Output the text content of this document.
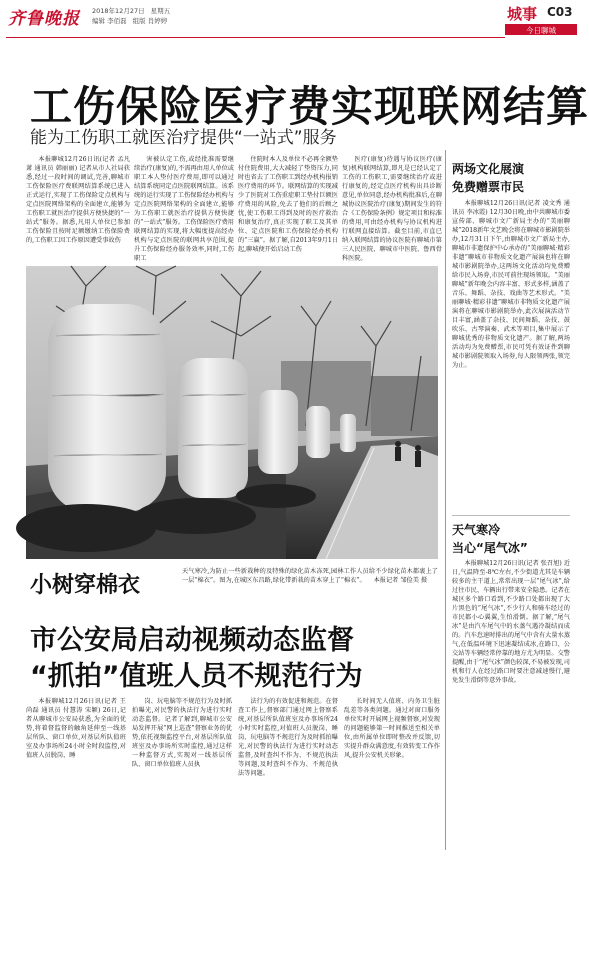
齐鲁晚报 2018年12月27日 星期五
编辑 李佰磊 组版 肖婷婷	城事 C03
今日聊城
工伤保险医疗费实现联网结算
能为工伤职工就医治疗提供“一站式”服务

本报聊城12月26日讯(记者 孟凡萧 通讯员 韩丽丽) 记者从市人社局获悉,经过一段时间的调试,完善,聊城市工伤保险医疗费联网结算系统已进入正式运行,实现了工伤保险定点机构与定点医院网络架构的全面建立,能够为工伤职工就医治疗提供方便快捷的“一站式”服务。据悉,凡用人单位已参加工伤保险且按时足额缴纳工伤保险费的,工伤职工因工作原因遭受事故伤

害被认定工伤,或经批准需要继续治疗(康复)的,不需再由用人单位或职工本人垫付医疗费用,即可以通过结算系统同定点医院联网结算。该系统的运行实现了工伤保险经办机构与定点医院网络架构的全面建立,能够为工伤职工就医治疗提供方便快捷的“一站式”服务。工伤保险医疗费用联网结算的实现,将大幅度提高经办机构与定点医院的联网共享范围,提升工伤保险经办服务效率,同时,工伤职工

住院时本人及单位不必再全额垫付住院费用,大大减轻了垫资压力,同时也省去了工伤职工到经办机构报销医疗费用的环节。联网结算的实现减少了医院对工伤重症职工垫付巨额医疗费用的风险,免去了他们的后顾之忧,使工伤职工得到及时的医疗救治和康复治疗,真正实现了职工及其单位、定点医院和工伤保险经办机构的“三赢”。据了解,自2013年9月1日起,聊城便开始启动工伤

医疗(康复)待遇与协议医疗(康复)机构联网结算,即凡是已经认定了工伤的工伤职工,需要继续治疗或进行康复的,经定点医疗机构出具诊断意见,单位同意,经办机构批准后,在聊城协议医院治疗(康复)期间发生的符合《工伤保险条例》规定项目和标准的费用,可由经办机构与协议机构进行联网直接结算。截至目前,市直已纳入联网结算的协议医院有聊城市第三人民医院、聊城市中医院、鲁西骨科医院。

小树穿棉衣
天气寒冷,为防止一些新栽种的及特殊的绿化苗木冻死,园林工作人员给不少绿化苗木都裹上了一层“棉衣”。图为,在城区东昌路,绿化带新栽的苗木穿上了“棉衣”。 本报记者 邹俭美 摄
市公安局启动视频动态监督
“抓拍”值班人员不规范行为

本报聊城12月26日讯(记者 王尚磊 通讯员 付慧涛 宋颖) 26日,记者从聊城市公安局获悉,为全面的优势,将着督监督的触角延伸至一线基层所队、窗口单位,对基层所队值班室及办事场所24小时全时段监控,对值班人员脱岗、睡

岗、玩电脑等不规范行为及时抓拍曝光,对民警的执法行为进行实时动态监督。记者了解到,聊城市公安局发挥开展“网上巡查”督察业务的优势,依托视频监控平台,对基层所队值班室及办事场所实时监控,通过这样一种监督方式,实现对一线基层所队、窗口单位值班人员执

法行为的有效促进和规范。在督查工作上,督察部门通过网上督察系统,对基层所队值班室及办事场所24小时实时监控,对值班人员脱岗、睡岗、玩电脑等不规范行为及时抓拍曝光,对民警的执法行为进行实时动态监督,及时查纠不作为、不规范执法等问题,及时查纠不作为、不规范执法等问题。

长时间无人值班、内务卫生脏乱差等各类问题。通过对窗口服务单位实时开展网上视频督察,对发现的问题能够第一时间推送至相关单位,由所属单位即时整改并反馈,切实提升群众满意度,有效转变工作作风,提升公安机关形象。

两场文化展演
免费赠票市民

本报聊城12月26日讯(记者 凌文秀 通讯员 李冰霞) 12月30日晚,由中共聊城市委宣传部、聊城市文广新局主办的“美丽聊城”2018新年文艺晚会将在聊城市影剧院举办,12月31日下午,由聊城市文广新局主办,聊城市非遗保护中心承办的“美丽聊城·精彩非遗”聊城市非物质文化遗产展演也将在聊城市影剧院举办,这两场文化活动均免费赠给市民入场券,市民可前往现场领取。“美丽聊城”新年晚会内容丰富、形式多样,涵盖了音乐、舞蹈、杂技、戏曲等艺术形式。“美丽聊城·精彩非遗”聊城市非物质文化遗产展演将在聊城市影剧院举办,此次展演活动节目丰富,涵盖了杂技、民间舞蹈、杂技、鼓吹乐、古琴演奏、武术等项目,集中展示了聊城优秀的非物质文化遗产。据了解,两场活动均为免费赠票,市民可凭有效证件到聊城市影剧院领取入场券,每人限领两张,领完为止。

天气寒冷
当心“尾气冰”

本报聊城12月26日讯(记者 张召旭) 近日,气温降至-8℃左右,不少街道尤其是车辆较多的主干道上,常常出现一层“尾气冰”,给过往市民、车辆出行带来安全隐患。记者在城区多个路口看到,不少路口处都出现了大片黑色的“尾气冰”,不少行人和骑车经过的市民都小心翼翼,生怕滑倒。据了解,“尾气冰”是由汽车尾气中的水蒸气遇冷凝结而成的。汽车怠速时排出的尾气中含有大量水蒸气,在低温环境下迅速凝结成冰,在路口、公交站等车辆经常停靠的地方尤为明显。交警提醒,由于“尾气冰”颜色较深,不易被发现,司机和行人在经过路口时要注意减速慢行,避免发生滑倒等意外事故。
